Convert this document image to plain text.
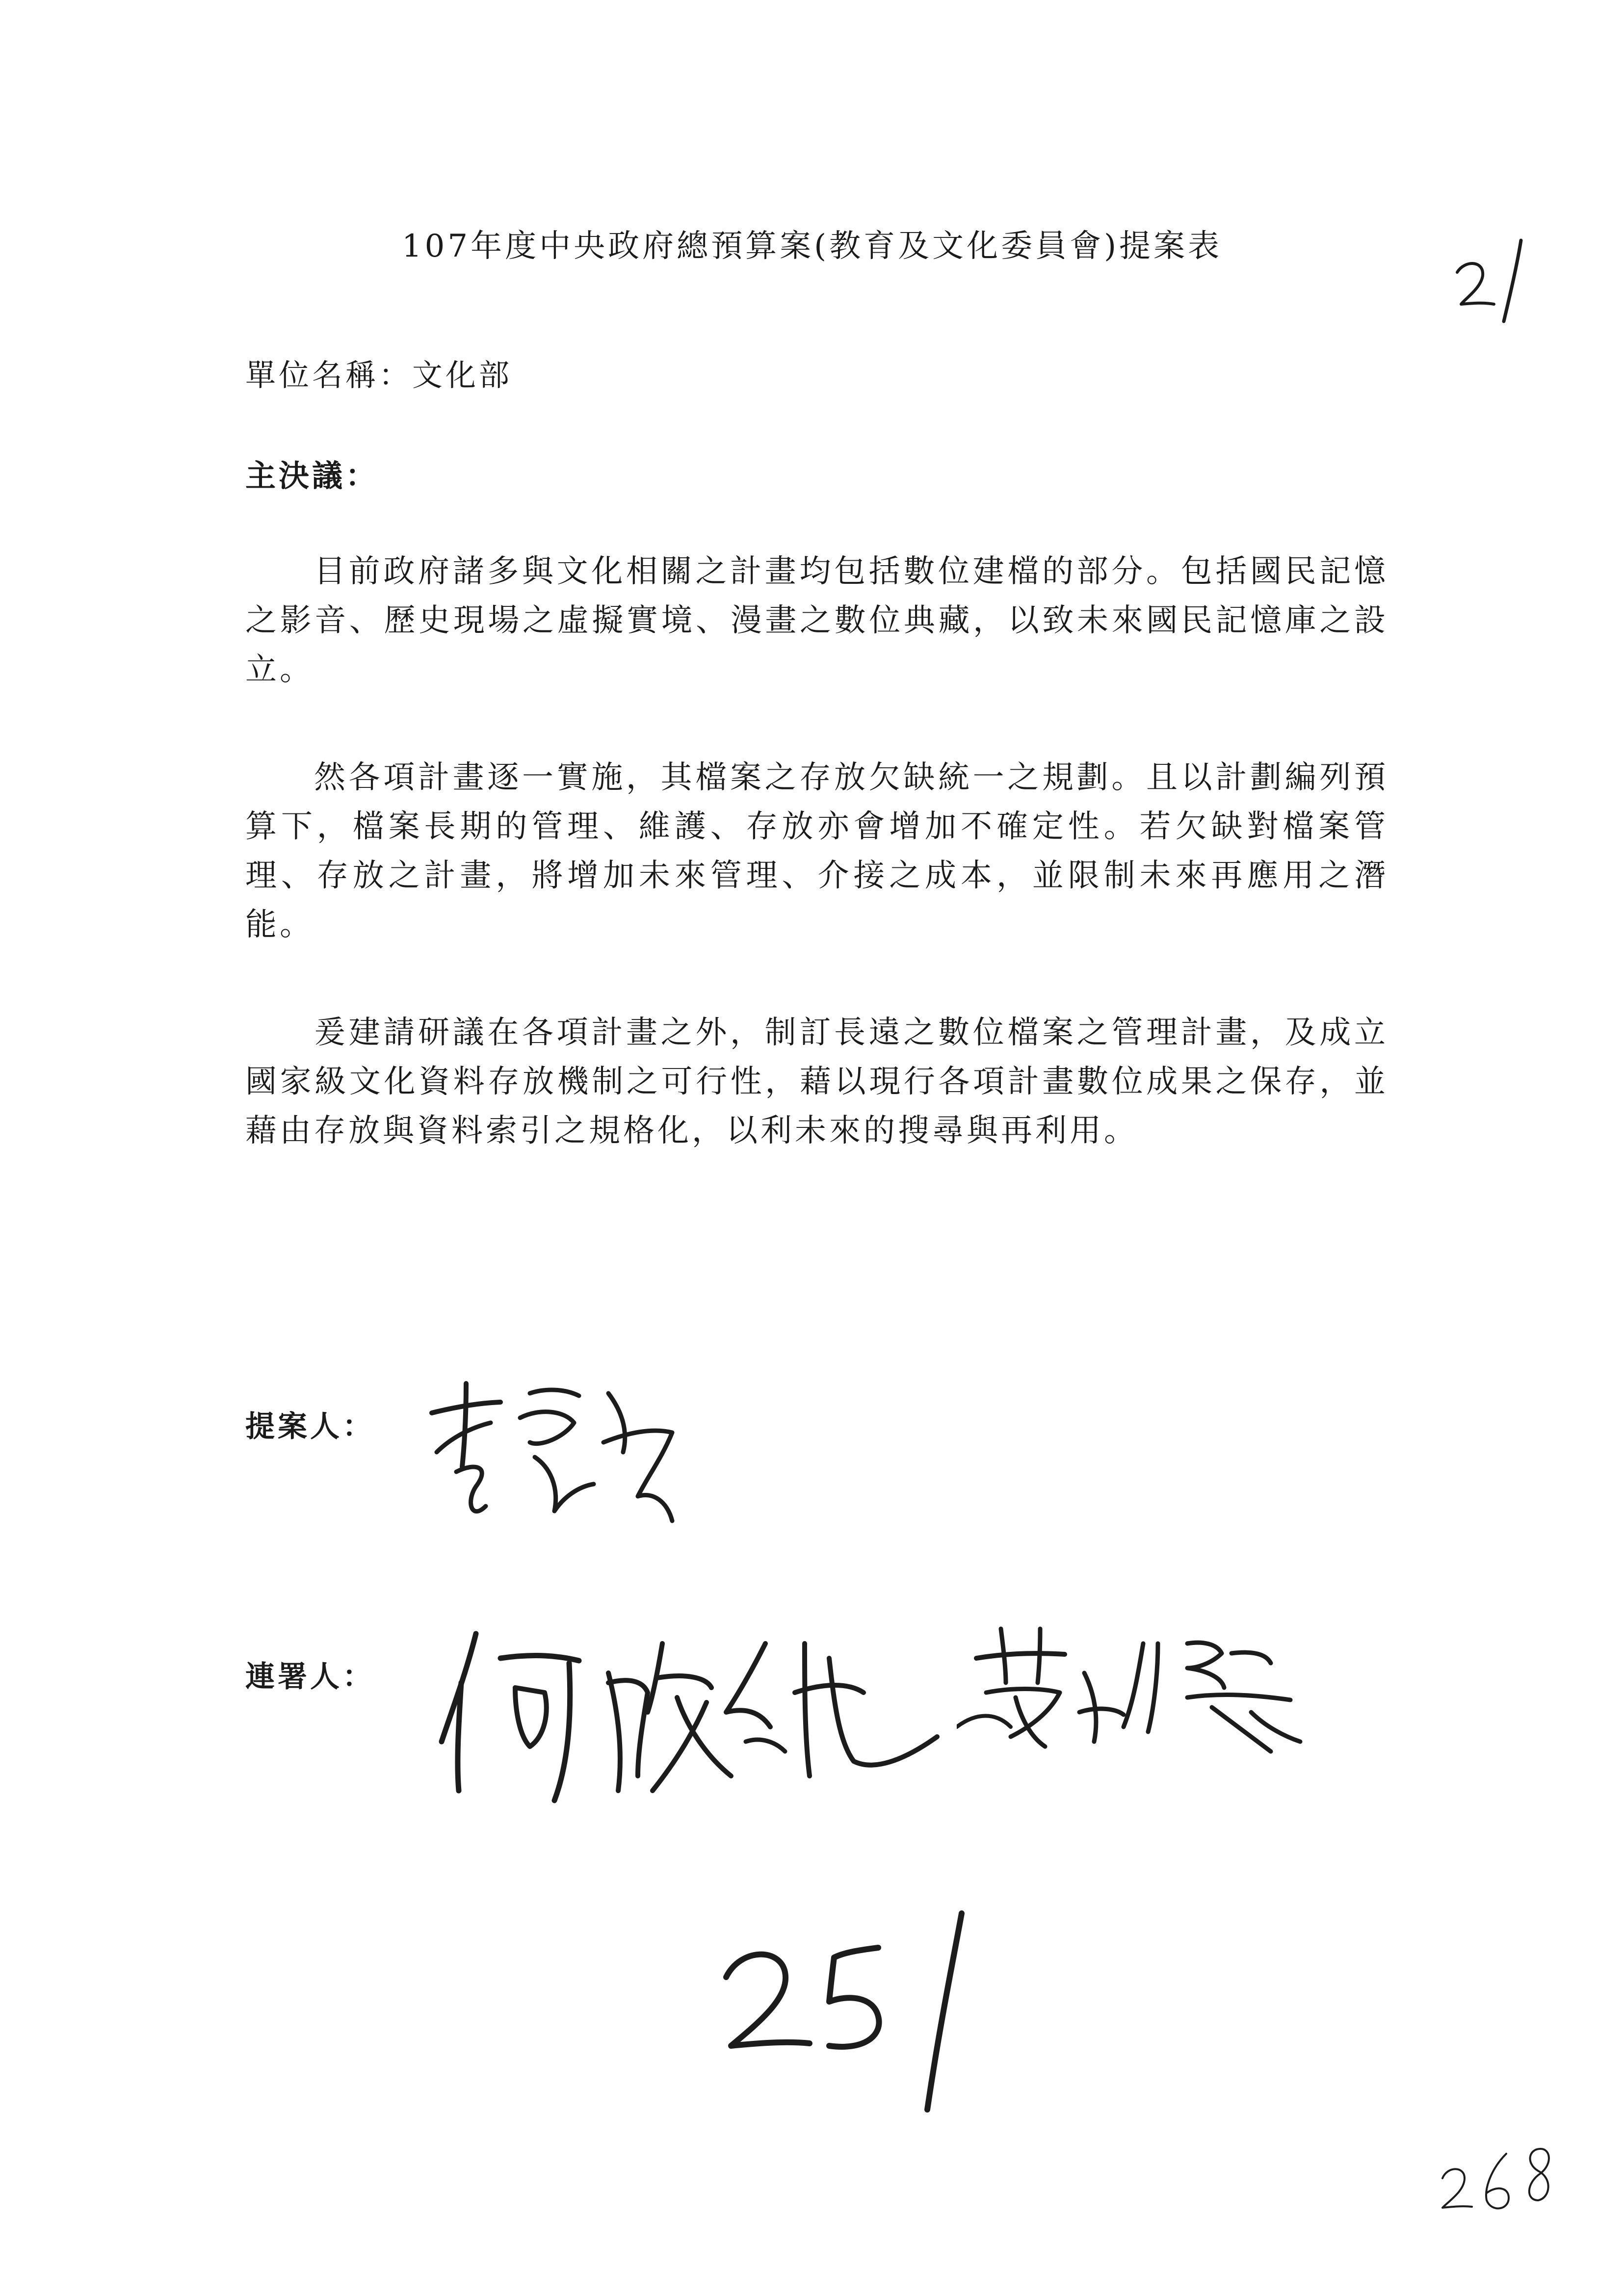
107年度中央政府總預算案(教育及文化委員會)提案表
單位名稱：文化部
主決議：

目前政府諸多與文化相關之計畫均包括數位建檔的部分。包括國民記憶之影音、歷史現場之虛擬實境、漫畫之數位典藏，以致未來國民記憶庫之設立。

然各項計畫逐一實施，其檔案之存放欠缺統一之規劃。且以計劃編列預算下，檔案長期的管理、維護、存放亦會增加不確定性。若欠缺對檔案管理、存放之計畫，將增加未來管理、介接之成本，並限制未來再應用之潛能。

爰建請研議在各項計畫之外，制訂長遠之數位檔案之管理計畫，及成立國家級文化資料存放機制之可行性，藉以現行各項計畫數位成果之保存，並藉由存放與資料索引之規格化，以利未來的搜尋與再利用。

提案人：
連署人：
